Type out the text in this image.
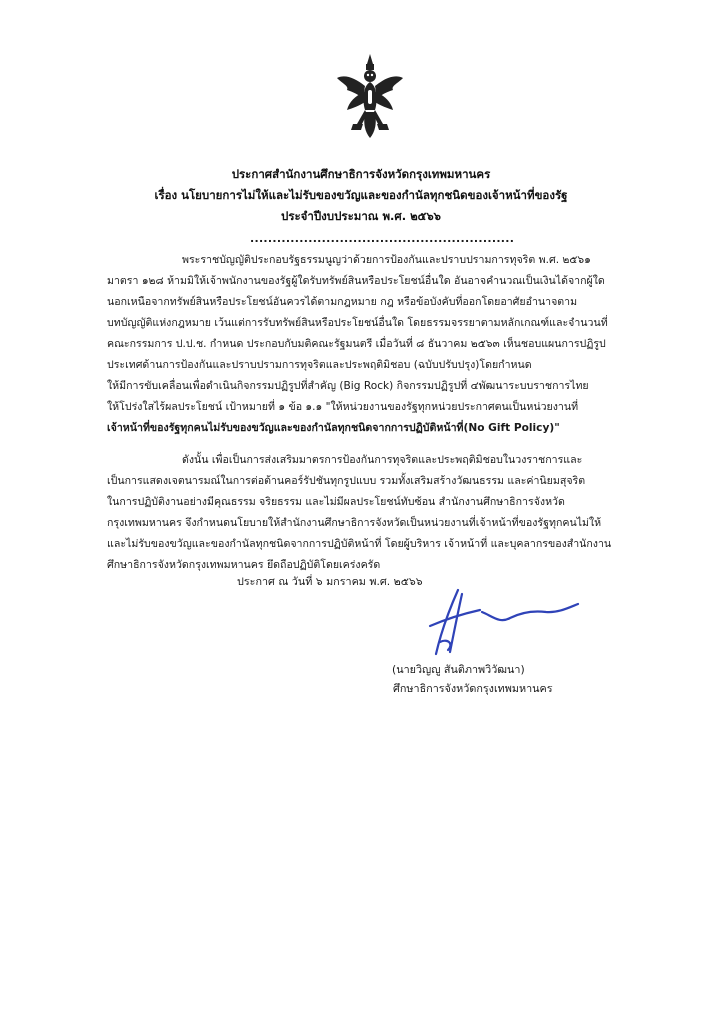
ประกาศสำนักงานศึกษาธิการจังหวัดกรุงเทพมหานคร
เรื่อง นโยบายการไม่ให้และไม่รับของขวัญและของกำนัลทุกชนิดของเจ้าหน้าที่ของรัฐ
ประจำปีงบประมาณ พ.ศ. ๒๕๖๖
...........................................................
พระราชบัญญัติประกอบรัฐธรรมนูญว่าด้วยการป้องกันและปราบปรามการทุจริต พ.ศ. ๒๕๖๑
มาตรา ๑๒๘ ห้ามมิให้เจ้าพนักงานของรัฐผู้ใดรับทรัพย์สินหรือประโยชน์อื่นใด อันอาจคำนวณเป็นเงินได้จากผู้ใด
นอกเหนือจากทรัพย์สินหรือประโยชน์อันควรได้ตามกฎหมาย กฎ หรือข้อบังคับที่ออกโดยอาศัยอำนาจตาม
บทบัญญัติแห่งกฎหมาย เว้นแต่การรับทรัพย์สินหรือประโยชน์อื่นใด โดยธรรมจรรยาตามหลักเกณฑ์และจำนวนที่
คณะกรรมการ ป.ป.ช. กำหนด ประกอบกับมติคณะรัฐมนตรี เมื่อวันที่ ๘ ธันวาคม ๒๕๖๓ เห็นชอบแผนการปฏิรูป
ประเทศด้านการป้องกันและปราบปรามการทุจริตและประพฤติมิชอบ (ฉบับปรับปรุง)โดยกำหนด
ให้มีการขับเคลื่อนเพื่อดำเนินกิจกรรมปฏิรูปที่สำคัญ (Big Rock) กิจกรรมปฏิรูปที่ ๔พัฒนาระบบราชการไทย
ให้โปร่งใสไร้ผลประโยชน์ เป้าหมายที่ ๑ ข้อ ๑.๑ "ให้หน่วยงานของรัฐทุกหน่วยประกาศตนเป็นหน่วยงานที่
เจ้าหน้าที่ของรัฐทุกคนไม่รับของขวัญและของกำนัลทุกชนิดจากการปฏิบัติหน้าที่(No Gift Policy)"
ดังนั้น เพื่อเป็นการส่งเสริมมาตรการป้องกันการทุจริตและประพฤติมิชอบในวงราชการและ
เป็นการแสดงเจตนารมณ์ในการต่อต้านคอร์รัปชันทุกรูปแบบ รวมทั้งเสริมสร้างวัฒนธรรม และค่านิยมสุจริต
ในการปฏิบัติงานอย่างมีคุณธรรม จริยธรรม และไม่มีผลประโยชน์ทับซ้อน สำนักงานศึกษาธิการจังหวัด
กรุงเทพมหานคร จึงกำหนดนโยบายให้สำนักงานศึกษาธิการจังหวัดเป็นหน่วยงานที่เจ้าหน้าที่ของรัฐทุกคนไม่ให้
และไม่รับของขวัญและของกำนัลทุกชนิดจากการปฏิบัติหน้าที่ โดยผู้บริหาร เจ้าหน้าที่ และบุคลากรของสำนักงาน
ศึกษาธิการจังหวัดกรุงเทพมหานคร ยึดถือปฏิบัติโดยเคร่งครัด
ประกาศ ณ วันที่ ๖ มกราคม พ.ศ. ๒๕๖๖
(นายวิญญู สันติภาพวิวัฒนา)
ศึกษาธิการจังหวัดกรุงเทพมหานคร
